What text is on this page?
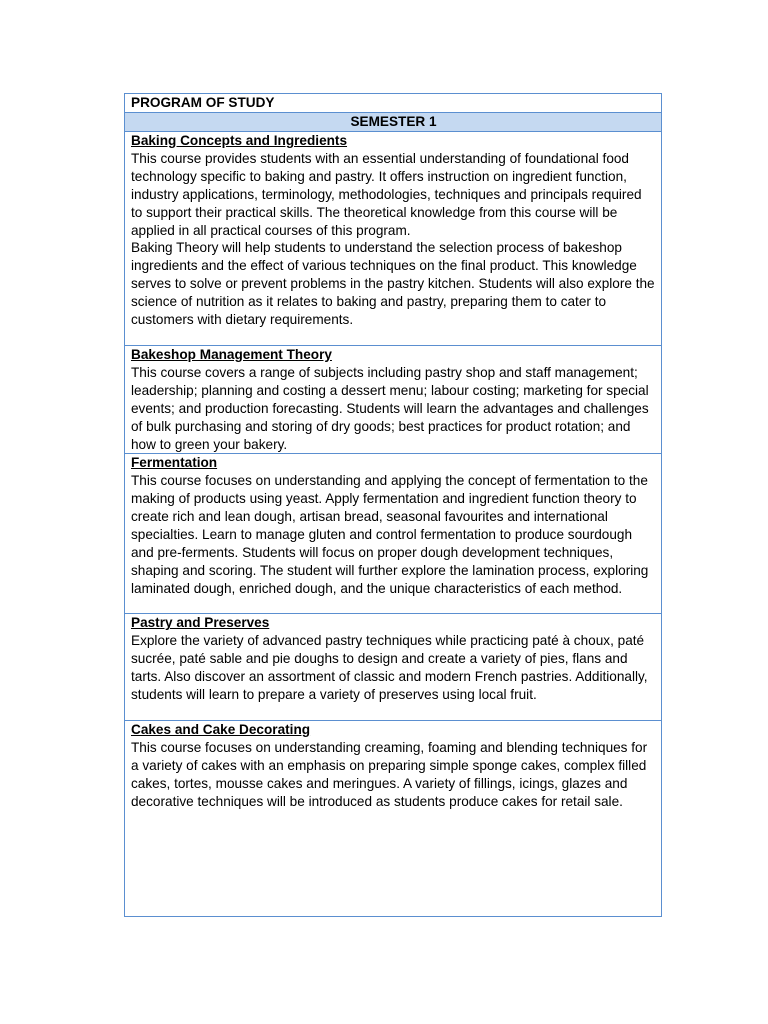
PROGRAM OF STUDY
SEMESTER 1

Baking Concepts and Ingredients
This course provides students with an essential understanding of foundational food technology specific to baking and pastry. It offers instruction on ingredient function, industry applications, terminology, methodologies, techniques and principals required to support their practical skills. The theoretical knowledge from this course will be applied in all practical courses of this program.
Baking Theory will help students to understand the selection process of bakeshop ingredients and the effect of various techniques on the final product. This knowledge serves to solve or prevent problems in the pastry kitchen. Students will also explore the science of nutrition as it relates to baking and pastry, preparing them to cater to customers with dietary requirements.

Bakeshop Management Theory
This course covers a range of subjects including pastry shop and staff management; leadership; planning and costing a dessert menu; labour costing; marketing for special events; and production forecasting. Students will learn the advantages and challenges of bulk purchasing and storing of dry goods; best practices for product rotation; and how to green your bakery.

Fermentation
This course focuses on understanding and applying the concept of fermentation to the making of products using yeast. Apply fermentation and ingredient function theory to create rich and lean dough, artisan bread, seasonal favourites and international specialties. Learn to manage gluten and control fermentation to produce sourdough and pre-ferments. Students will focus on proper dough development techniques, shaping and scoring. The student will further explore the lamination process, exploring laminated dough, enriched dough, and the unique characteristics of each method.

Pastry and Preserves
Explore the variety of advanced pastry techniques while practicing paté à choux, paté sucrée, paté sable and pie doughs to design and create a variety of pies, flans and tarts. Also discover an assortment of classic and modern French pastries. Additionally, students will learn to prepare a variety of preserves using local fruit.

Cakes and Cake Decorating
This course focuses on understanding creaming, foaming and blending techniques for a variety of cakes with an emphasis on preparing simple sponge cakes, complex filled cakes, tortes, mousse cakes and meringues. A variety of fillings, icings, glazes and decorative techniques will be introduced as students produce cakes for retail sale.
